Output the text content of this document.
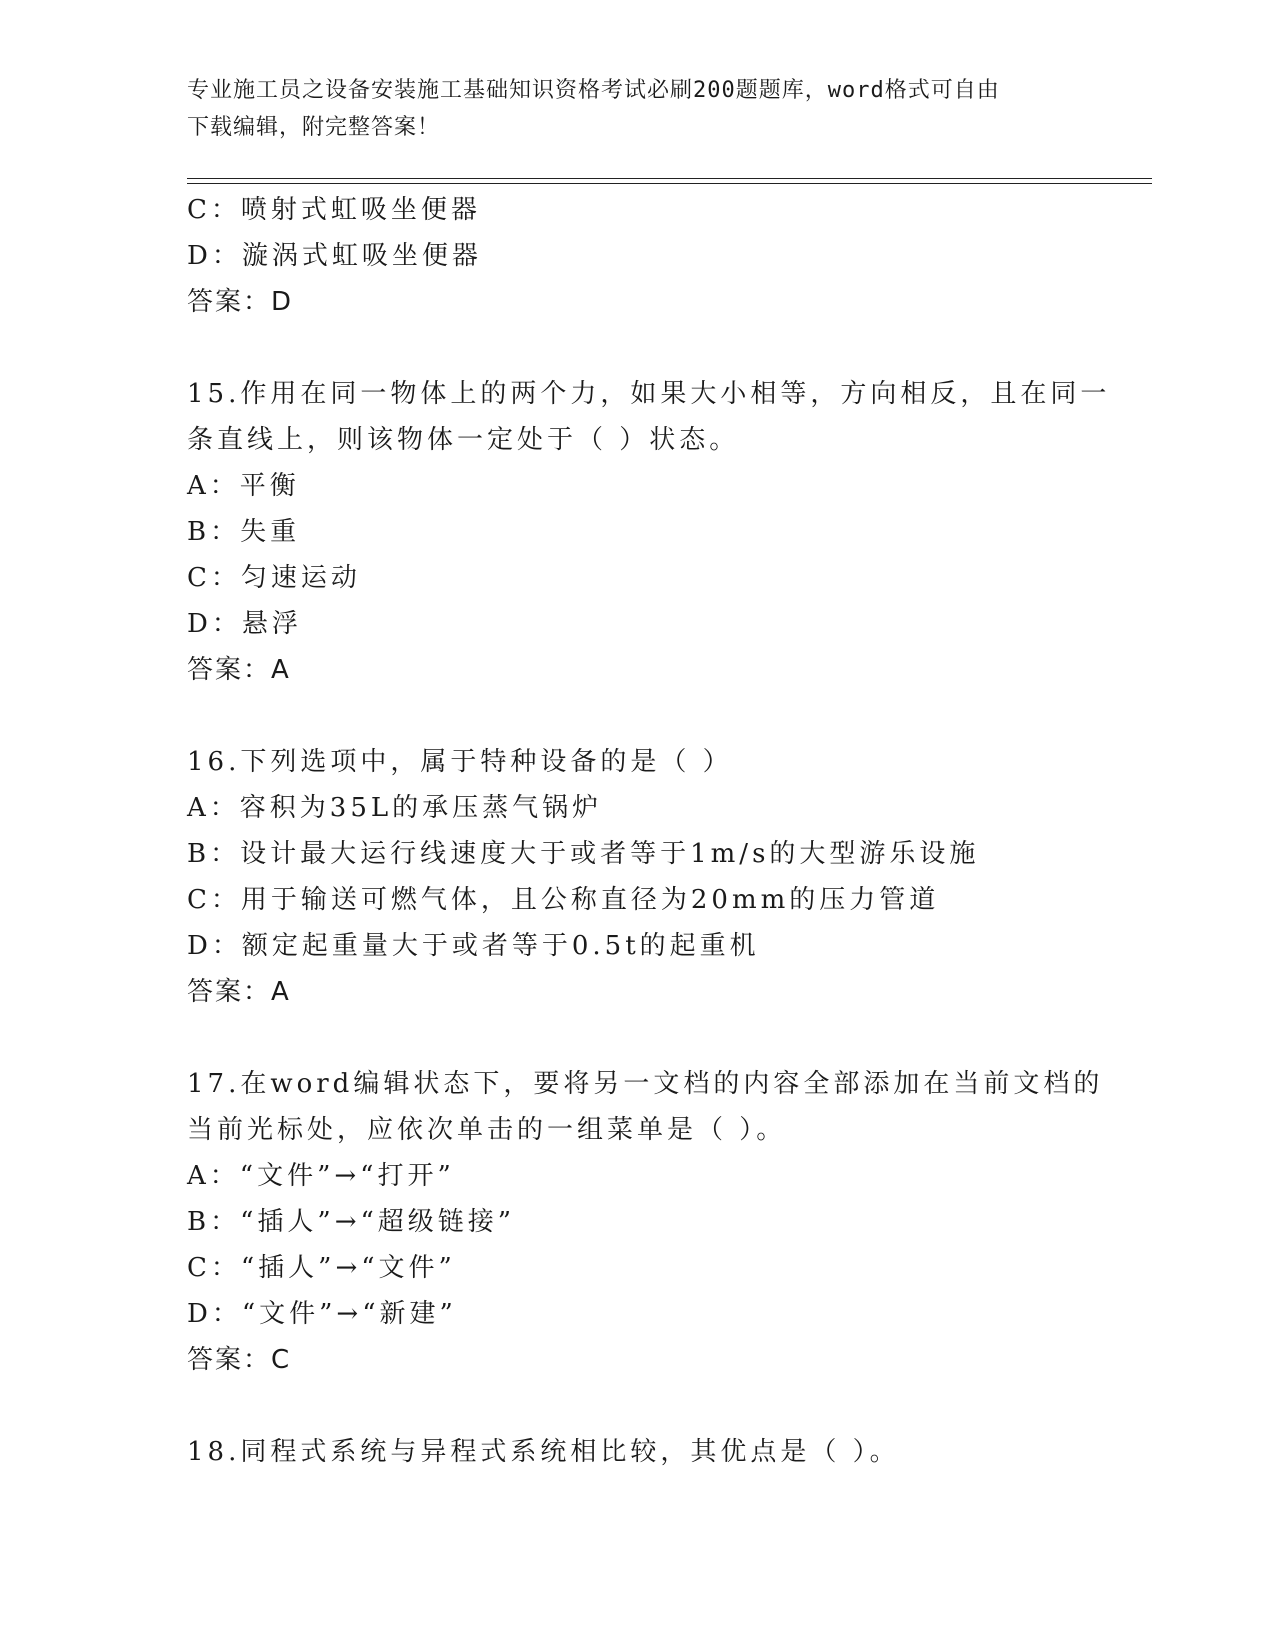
专业施工员之设备安装施工基础知识资格考试必刷200题题库，word格式可自由
下载编辑，附完整答案！
C：喷射式虹吸坐便器
D：漩涡式虹吸坐便器
答案：D
15.作用在同一物体上的两个力，如果大小相等，方向相反，且在同一
条直线上，则该物体一定处于（ ）状态。
A：平衡
B：失重
C：匀速运动
D：悬浮
答案：A
16.下列选项中，属于特种设备的是（ ）
A：容积为35L的承压蒸气锅炉
B：设计最大运行线速度大于或者等于1m/s的大型游乐设施
C：用于输送可燃气体，且公称直径为20mm的压力管道
D：额定起重量大于或者等于0.5t的起重机
答案：A
17.在word编辑状态下，要将另一文档的内容全部添加在当前文档的
当前光标处，应依次单击的一组菜单是（ ）。
A：“文件”→“打开”
B：“插人”→“超级链接”
C：“插人”→“文件”
D：“文件”→“新建”
答案：C
18.同程式系统与异程式系统相比较，其优点是（ ）。
